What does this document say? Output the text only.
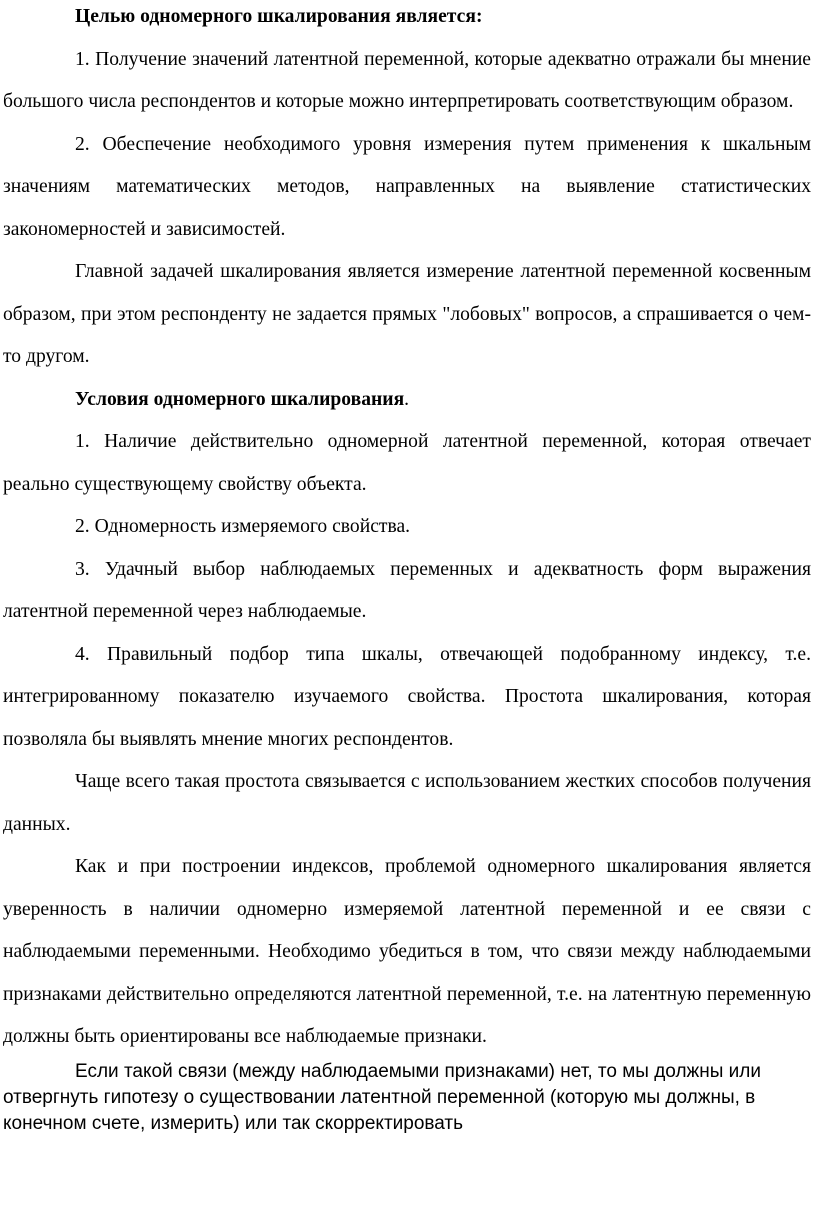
Целью одномерного шкалирования является:

1. Получение значений латентной переменной, которые адекватно отражали бы мнение большого числа респондентов и которые можно интерпретировать соответствующим образом.

2. Обеспечение необходимого уровня измерения путем применения к шкальным значениям математических методов, направленных на выявление статистических закономерностей и зависимостей.

Главной задачей шкалирования является измерение латентной переменной косвенным образом, при этом респонденту не задается прямых "лобовых" вопросов, а спрашивается о чем-то другом.

Условия одномерного шкалирования.

1. Наличие действительно одномерной латентной переменной, которая отвечает реально существующему свойству объекта.

2. Одномерность измеряемого свойства.

3. Удачный выбор наблюдаемых переменных и адекватность форм выражения латентной переменной через наблюдаемые.

4. Правильный подбор типа шкалы, отвечающей подобранному индексу, т.е. интегрированному показателю изучаемого свойства. Простота шкалирования, которая позволяла бы выявлять мнение многих респондентов.

Чаще всего такая простота связывается с использованием жестких способов получения данных.

Как и при построении индексов, проблемой одномерного шкалирования является уверенность в наличии одномерно измеряемой латентной переменной и ее связи с наблюдаемыми переменными. Необходимо убедиться в том, что связи между наблюдаемыми признаками действительно определяются латентной переменной, т.е. на латентную переменную должны быть ориентированы все наблюдаемые признаки.

Если такой связи (между наблюдаемыми признаками) нет, то мы должны или отвергнуть гипотезу о существовании латентной переменной (которую мы должны, в конечном счете, измерить) или так скорректировать
